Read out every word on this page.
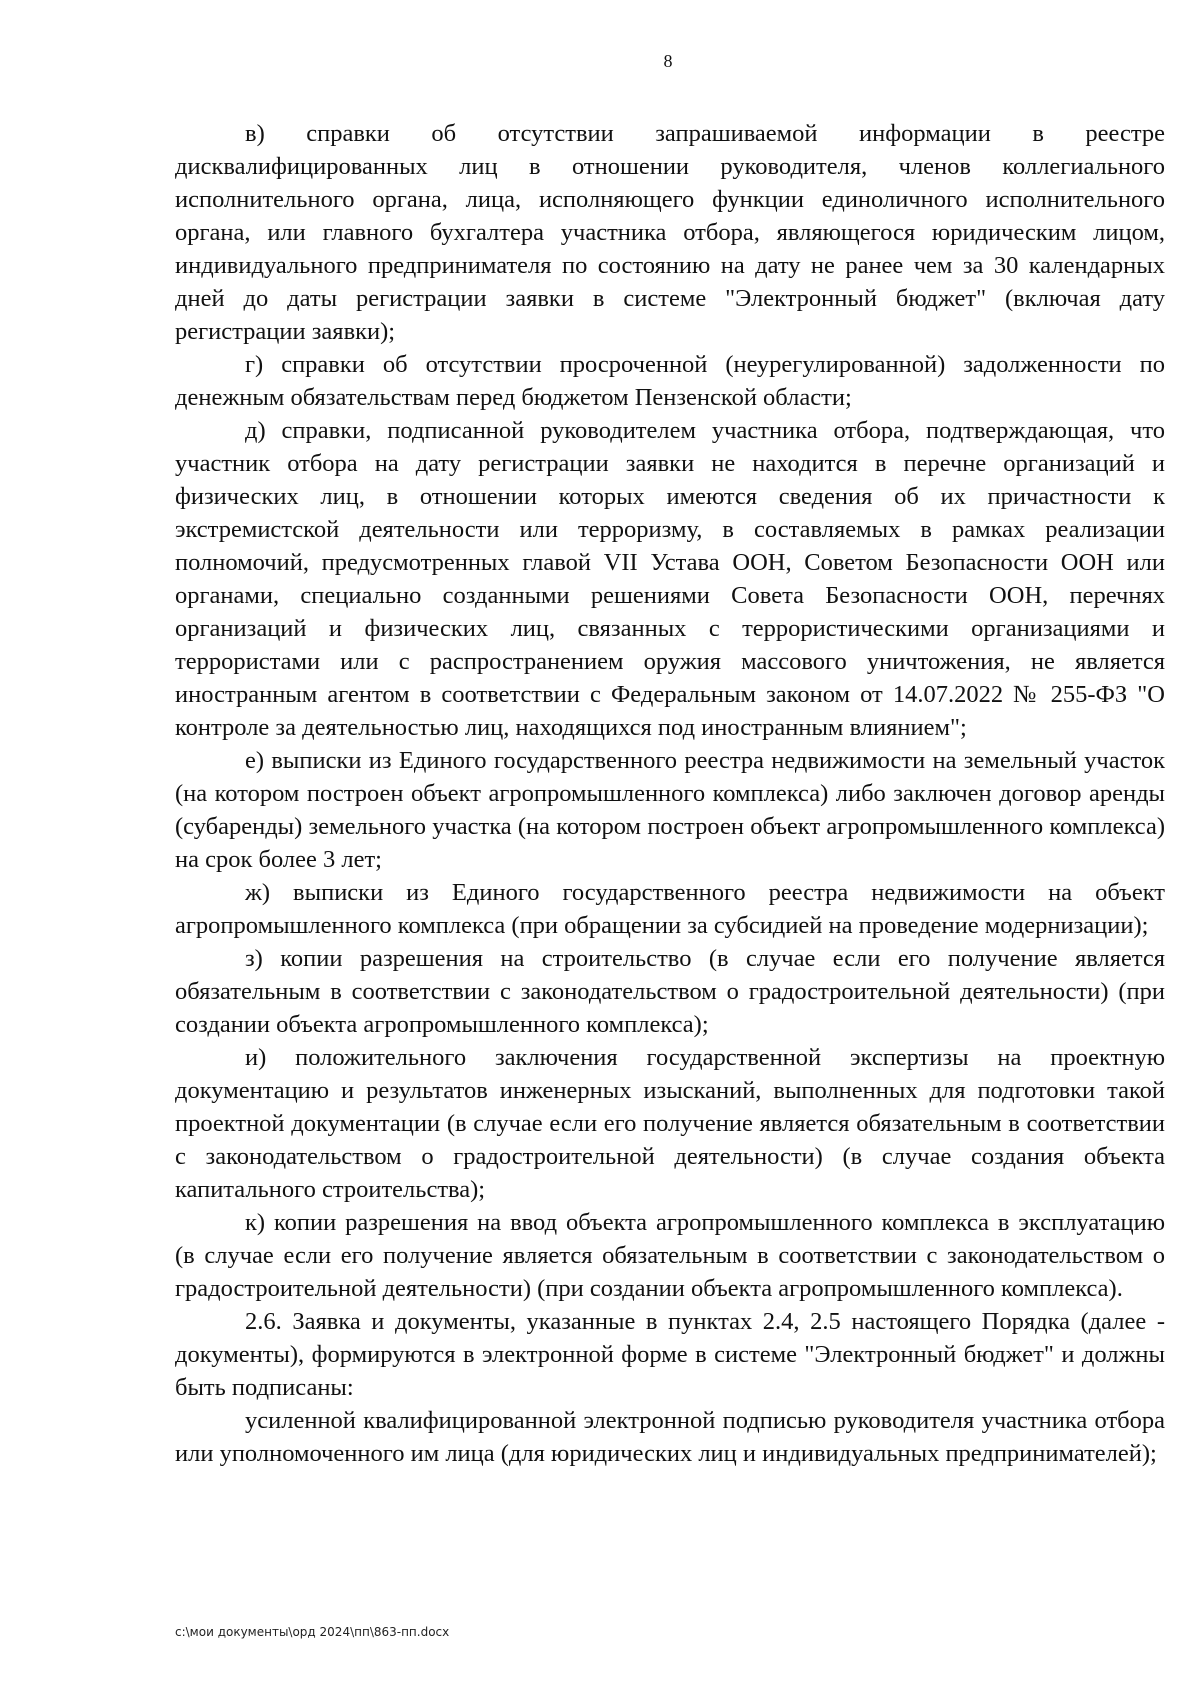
8

в) справки об отсутствии запрашиваемой информации в реестре дисквалифицированных лиц в отношении руководителя, членов коллегиального исполнительного органа, лица, исполняющего функции единоличного исполнительного органа, или главного бухгалтера участника отбора, являющегося юридическим лицом, индивидуального предпринимателя по состоянию на дату не ранее чем за 30 календарных дней до даты регистрации заявки в системе "Электронный бюджет" (включая дату регистрации заявки);

г) справки об отсутствии просроченной (неурегулированной) задолженности по денежным обязательствам перед бюджетом Пензенской области;

д) справки, подписанной руководителем участника отбора, подтверждающая, что участник отбора на дату регистрации заявки не находится в перечне организаций и физических лиц, в отношении которых имеются сведения об их причастности к экстремистской деятельности или терроризму, в составляемых в рамках реализации полномочий, предусмотренных главой VII Устава ООН, Советом Безопасности ООН или органами, специально созданными решениями Совета Безопасности ООН, перечнях организаций и физических лиц, связанных с террористическими организациями и террористами или с распространением оружия массового уничтожения, не является иностранным агентом в соответствии с Федеральным законом от 14.07.2022 № 255-ФЗ "О контроле за деятельностью лиц, находящихся под иностранным влиянием";

е) выписки из Единого государственного реестра недвижимости на земельный участок (на котором построен объект агропромышленного комплекса) либо заключен договор аренды (субаренды) земельного участка (на котором построен объект агропромышленного комплекса) на срок более 3 лет;

ж) выписки из Единого государственного реестра недвижимости на объект агропромышленного комплекса (при обращении за субсидией на проведение модернизации);

з) копии разрешения на строительство (в случае если его получение является обязательным в соответствии с законодательством о градостроительной деятельности) (при создании объекта агропромышленного комплекса);

и) положительного заключения государственной экспертизы на проектную документацию и результатов инженерных изысканий, выполненных для подготовки такой проектной документации (в случае если его получение является обязательным в соответствии с законодательством о градостроительной деятельности) (в случае создания объекта капитального строительства);

к) копии разрешения на ввод объекта агропромышленного комплекса в эксплуатацию (в случае если его получение является обязательным в соответствии с законодательством о градостроительной деятельности) (при создании объекта агропромышленного комплекса).

2.6. Заявка и документы, указанные в пунктах 2.4, 2.5 настоящего Порядка (далее - документы), формируются в электронной форме в системе "Электронный бюджет" и должны быть подписаны:

усиленной квалифицированной электронной подписью руководителя участника отбора или уполномоченного им лица (для юридических лиц и индивидуальных предпринимателей);

c:\мои документы\орд 2024\пп\863-пп.docx
